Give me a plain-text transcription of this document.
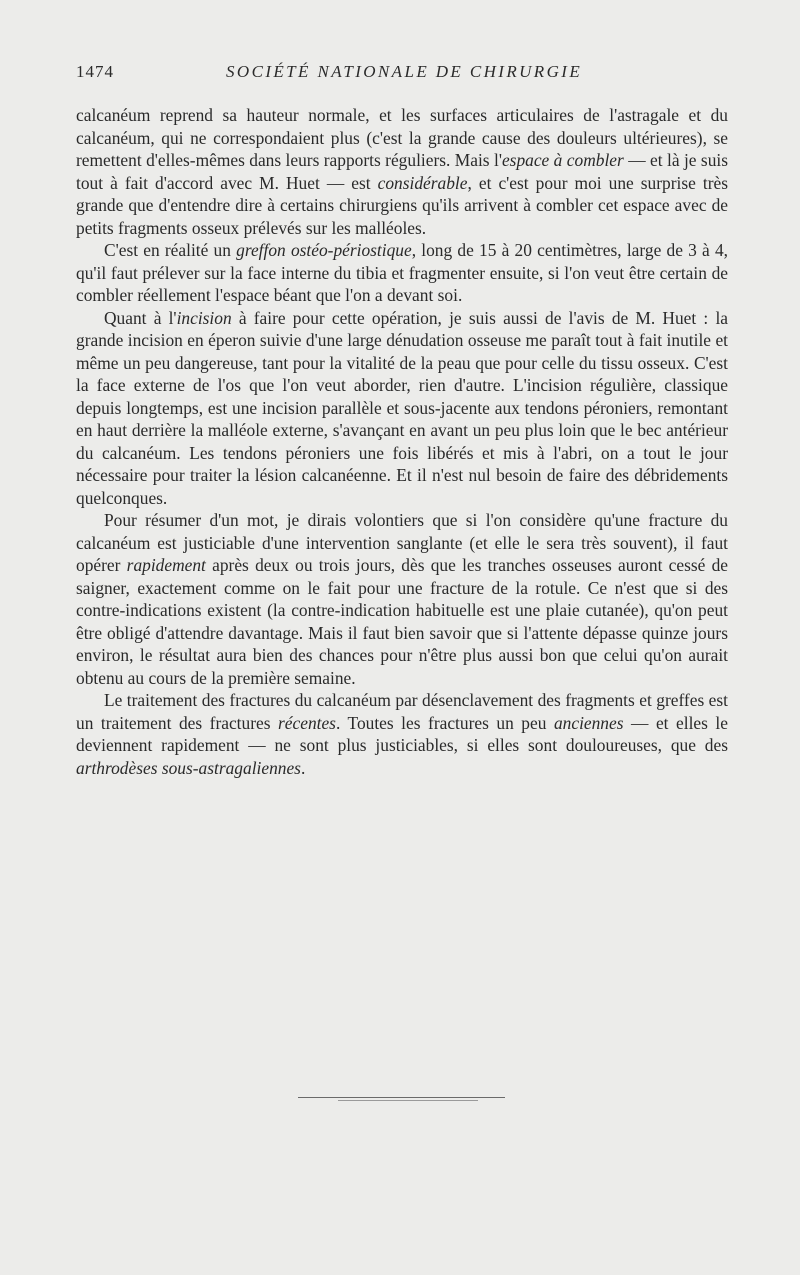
1474	SOCIÉTÉ NATIONALE DE CHIRURGIE

calcanéum reprend sa hauteur normale, et les surfaces articulaires de l'astragale et du calcanéum, qui ne correspondaient plus (c'est la grande cause des douleurs ultérieures), se remettent d'elles-mêmes dans leurs rapports réguliers. Mais l'espace à combler — et là je suis tout à fait d'accord avec M. Huet — est considérable, et c'est pour moi une surprise très grande que d'entendre dire à certains chirurgiens qu'ils arrivent à combler cet espace avec de petits fragments osseux prélevés sur les malléoles.

C'est en réalité un greffon ostéo-périostique, long de 15 à 20 centimètres, large de 3 à 4, qu'il faut prélever sur la face interne du tibia et fragmenter ensuite, si l'on veut être certain de combler réellement l'espace béant que l'on a devant soi.

Quant à l'incision à faire pour cette opération, je suis aussi de l'avis de M. Huet : la grande incision en éperon suivie d'une large dénudation osseuse me paraît tout à fait inutile et même un peu dangereuse, tant pour la vitalité de la peau que pour celle du tissu osseux. C'est la face externe de l'os que l'on veut aborder, rien d'autre. L'incision régulière, classique depuis longtemps, est une incision parallèle et sous-jacente aux tendons péroniers, remontant en haut derrière la malléole externe, s'avançant en avant un peu plus loin que le bec antérieur du calcanéum. Les tendons péroniers une fois libérés et mis à l'abri, on a tout le jour nécessaire pour traiter la lésion calcanéenne. Et il n'est nul besoin de faire des débridements quelconques.

Pour résumer d'un mot, je dirais volontiers que si l'on considère qu'une fracture du calcanéum est justiciable d'une intervention sanglante (et elle le sera très souvent), il faut opérer rapidement après deux ou trois jours, dès que les tranches osseuses auront cessé de saigner, exactement comme on le fait pour une fracture de la rotule. Ce n'est que si des contre-indications existent (la contre-indication habituelle est une plaie cutanée), qu'on peut être obligé d'attendre davantage. Mais il faut bien savoir que si l'attente dépasse quinze jours environ, le résultat aura bien des chances pour n'être plus aussi bon que celui qu'on aurait obtenu au cours de la première semaine.

Le traitement des fractures du calcanéum par désenclavement des fragments et greffes est un traitement des fractures récentes. Toutes les fractures un peu anciennes — et elles le deviennent rapidement — ne sont plus justiciables, si elles sont douloureuses, que des arthrodèses sous-astragaliennes.
